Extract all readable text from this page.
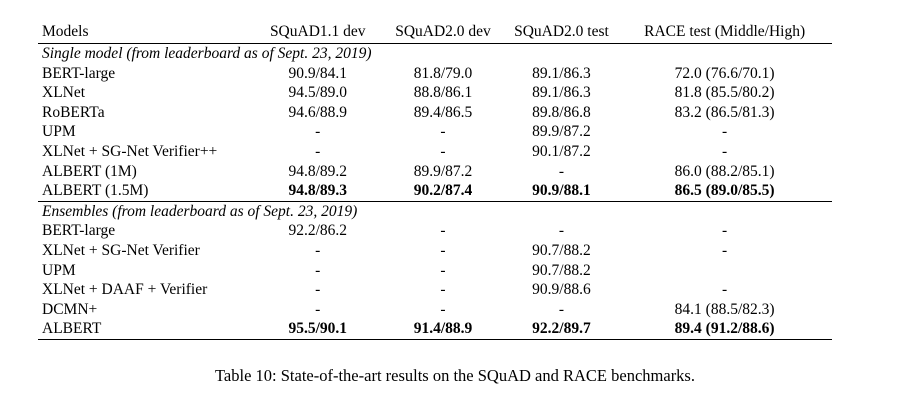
Models	SQuAD1.1 dev	SQuAD2.0 dev	SQuAD2.0 test	RACE test (Middle/High)
Single model (from leaderboard as of Sept. 23, 2019)				
BERT-large	90.9/84.1	81.8/79.0	89.1/86.3	72.0 (76.6/70.1)
XLNet	94.5/89.0	88.8/86.1	89.1/86.3	81.8 (85.5/80.2)
RoBERTa	94.6/88.9	89.4/86.5	89.8/86.8	83.2 (86.5/81.3)
UPM	-	-	89.9/87.2	-
XLNet + SG-Net Verifier++	-	-	90.1/87.2	-
ALBERT (1M)	94.8/89.2	89.9/87.2	-	86.0 (88.2/85.1)
ALBERT (1.5M)	94.8/89.3	90.2/87.4	90.9/88.1	86.5 (89.0/85.5)
Ensembles (from leaderboard as of Sept. 23, 2019)				
BERT-large	92.2/86.2	-	-	-
XLNet + SG-Net Verifier	-	-	90.7/88.2	-
UPM	-	-	90.7/88.2	
XLNet + DAAF + Verifier	-	-	90.9/88.6	-
DCMN+	-	-	-	84.1 (88.5/82.3)
ALBERT	95.5/90.1	91.4/88.9	92.2/89.7	89.4 (91.2/88.6)
Table 10: State-of-the-art results on the SQuAD and RACE benchmarks.
